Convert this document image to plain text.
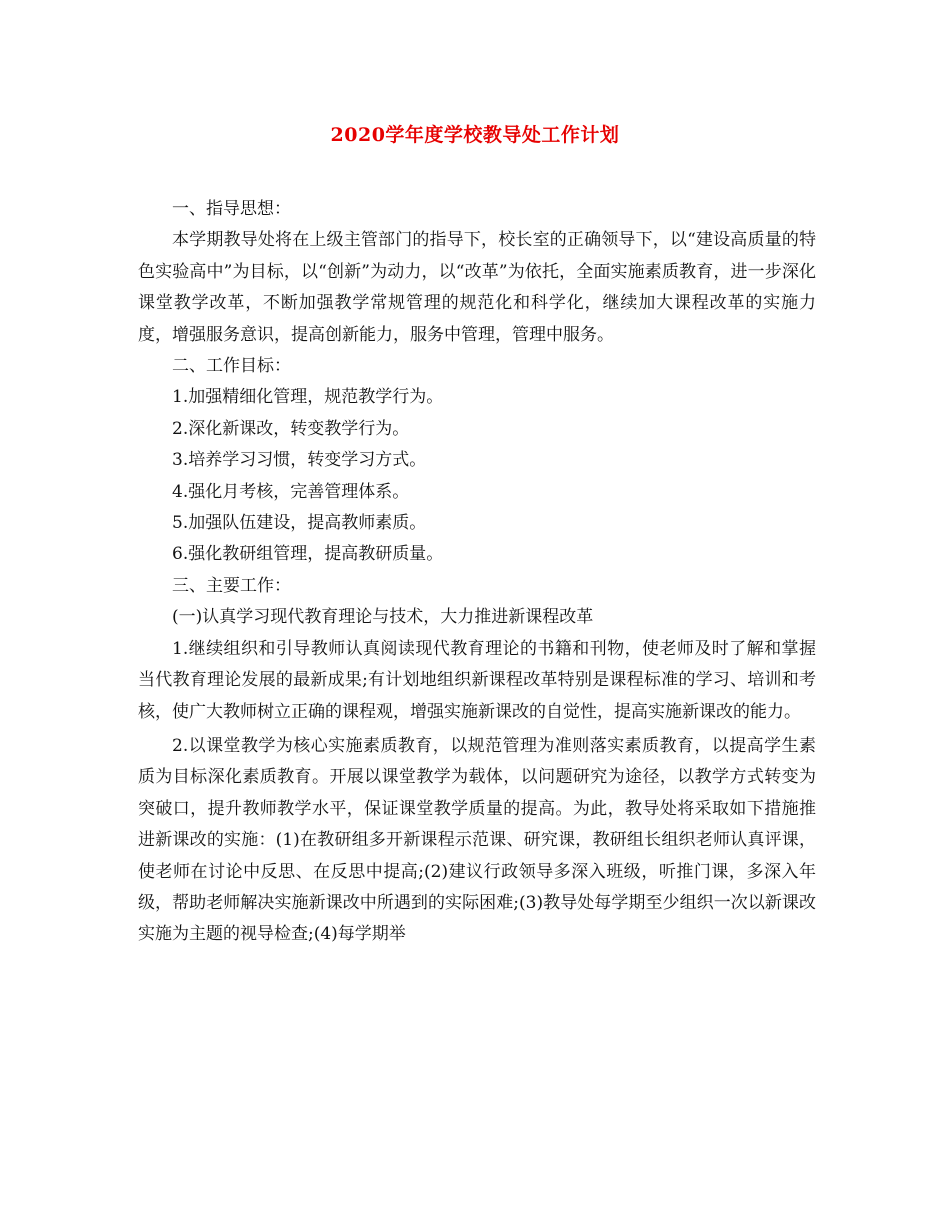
2020学年度学校教导处工作计划

一、指导思想：

本学期教导处将在上级主管部门的指导下，校长室的正确领导下，以“建设高质量的特色实验高中”为目标，以“创新”为动力，以“改革”为依托，全面实施素质教育，进一步深化课堂教学改革，不断加强教学常规管理的规范化和科学化，继续加大课程改革的实施力度，增强服务意识，提高创新能力，服务中管理，管理中服务。

二、工作目标：

1.加强精细化管理，规范教学行为。

2.深化新课改，转变教学行为。

3.培养学习习惯，转变学习方式。

4.强化月考核，完善管理体系。

5.加强队伍建设，提高教师素质。

6.强化教研组管理，提高教研质量。

三、主要工作：

(一)认真学习现代教育理论与技术，大力推进新课程改革

1.继续组织和引导教师认真阅读现代教育理论的书籍和刊物，使老师及时了解和掌握当代教育理论发展的最新成果;有计划地组织新课程改革特别是课程标准的学习、培训和考核，使广大教师树立正确的课程观，增强实施新课改的自觉性，提高实施新课改的能力。

2.以课堂教学为核心实施素质教育，以规范管理为准则落实素质教育，以提高学生素质为目标深化素质教育。开展以课堂教学为载体，以问题研究为途径，以教学方式转变为突破口，提升教师教学水平，保证课堂教学质量的提高。为此，教导处将采取如下措施推进新课改的实施：(1)在教研组多开新课程示范课、研究课，教研组长组织老师认真评课，使老师在讨论中反思、在反思中提高;(2)建议行政领导多深入班级，听推门课，多深入年级，帮助老师解决实施新课改中所遇到的实际困难;(3)教导处每学期至少组织一次以新课改实施为主题的视导检查;(4)每学期举
